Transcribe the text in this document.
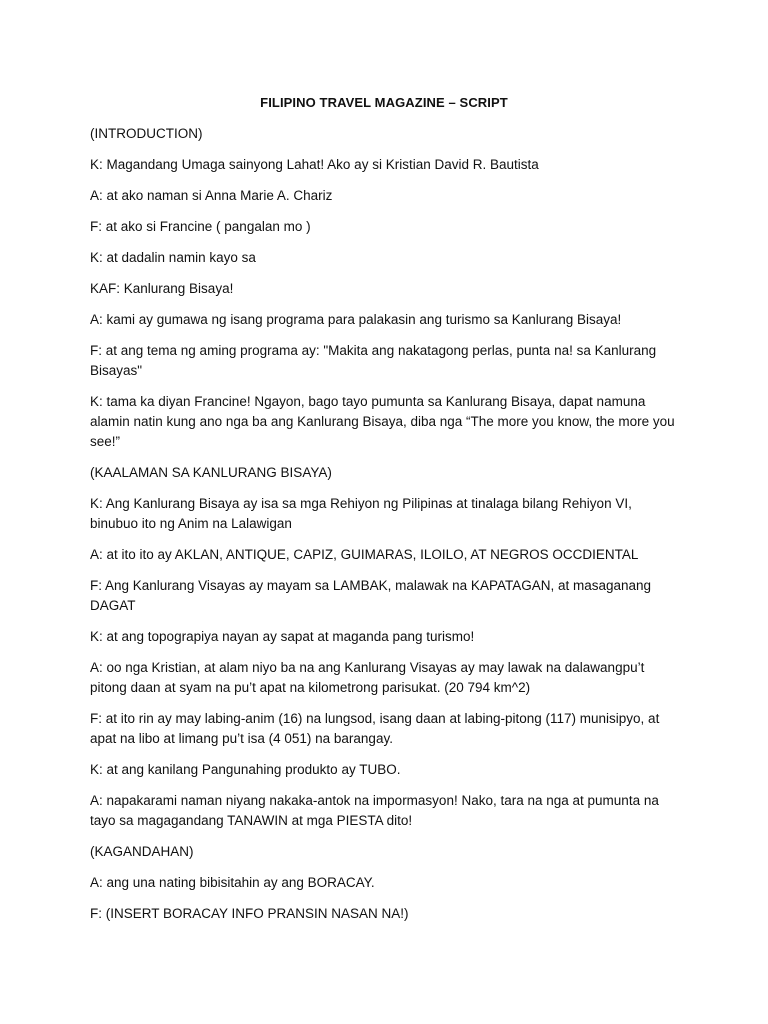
FILIPINO TRAVEL MAGAZINE – SCRIPT

(INTRODUCTION)

K: Magandang Umaga sainyong Lahat! Ako ay si Kristian David R. Bautista

A: at ako naman si Anna Marie A. Chariz

F: at ako si Francine ( pangalan mo )

K: at dadalin namin kayo sa

KAF: Kanlurang Bisaya!

A: kami ay gumawa ng isang programa para palakasin ang turismo sa Kanlurang Bisaya!

F: at ang tema ng aming programa ay: "Makita ang nakatagong perlas, punta na! sa Kanlurang Bisayas"

K: tama ka diyan Francine! Ngayon, bago tayo pumunta sa Kanlurang Bisaya, dapat namuna alamin natin kung ano nga ba ang Kanlurang Bisaya, diba nga “The more you know, the more you see!”

(KAALAMAN SA KANLURANG BISAYA)

K: Ang Kanlurang Bisaya ay isa sa mga Rehiyon ng Pilipinas at tinalaga bilang Rehiyon VI, binubuo ito ng Anim na Lalawigan

A: at ito ito ay AKLAN, ANTIQUE, CAPIZ, GUIMARAS, ILOILO, AT NEGROS OCCDIENTAL

F: Ang Kanlurang Visayas ay mayam sa LAMBAK, malawak na KAPATAGAN, at masaganang DAGAT

K: at ang topograpiya nayan ay sapat at maganda pang turismo!

A: oo nga Kristian, at alam niyo ba na ang Kanlurang Visayas ay may lawak na dalawangpu’t pitong daan at syam na pu’t apat na kilometrong parisukat. (20 794 km^2)

F: at ito rin ay may labing-anim (16) na lungsod, isang daan at labing-pitong (117) munisipyo, at apat na libo at limang pu’t isa (4 051) na barangay.

K: at ang kanilang Pangunahing produkto ay TUBO.

A: napakarami naman niyang nakaka-antok na impormasyon! Nako, tara na nga at pumunta na tayo sa magagandang TANAWIN at mga PIESTA dito!

(KAGANDAHAN)

A: ang una nating bibisitahin ay ang BORACAY.

F: (INSERT BORACAY INFO PRANSIN NASAN NA!)
